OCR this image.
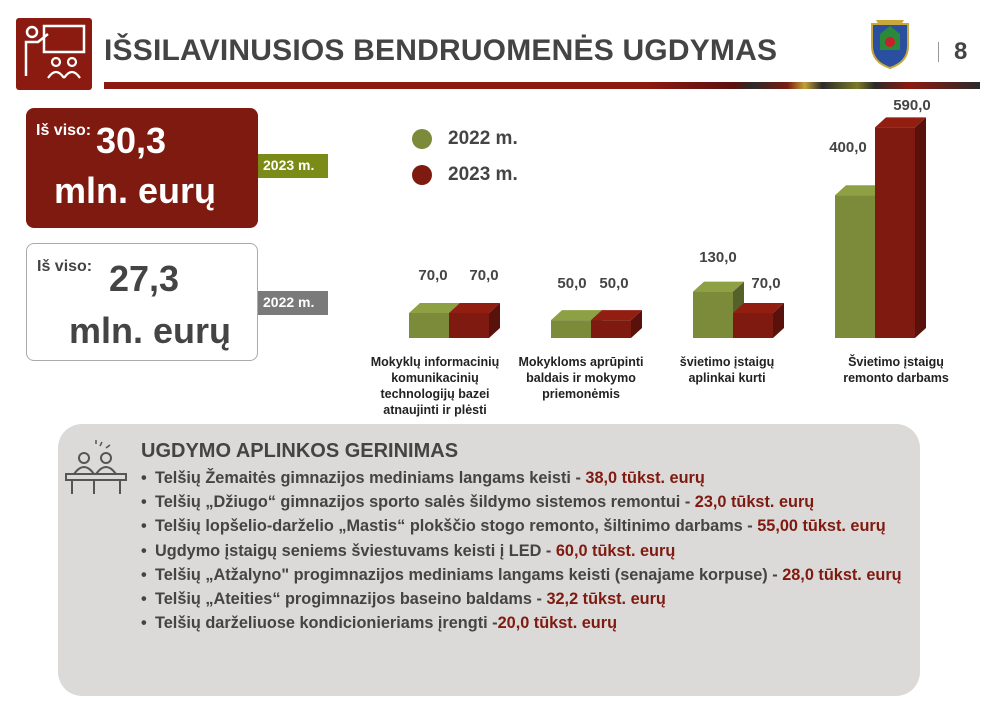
IŠSILAVINUSIOS BENDRUOMENĖS UGDYMAS	8
Iš viso: 30,3
mln. eurų
2023 m.
Iš viso: 27,3
mln. eurų
2022 m.
2022 m.
2023 m.
70,0	50,0
130,0
400,0
70,0	50,0	70,0
590,0
Mokyklų informacinių komunikacinių technologijų bazei atnaujinti ir plėsti
Mokykloms aprūpinti baldais ir mokymo priemonėmis
švietimo įstaigų aplinkai kurti
Švietimo įstaigų remonto darbams
UGDYMO APLINKOS GERINIMAS
• Telšių Žemaitės gimnazijos mediniams langams keisti - 38,0 tūkst. eurų
• Telšių „Džiugo“ gimnazijos sporto salės šildymo sistemos remontui - 23,0 tūkst. eurų
• Telšių lopšelio-darželio „Mastis“ plokščio stogo remonto, šiltinimo darbams - 55,00 tūkst. eurų
• Ugdymo įstaigų seniems šviestuvams keisti į LED - 60,0 tūkst. eurų
• Telšių „Atžalyno" progimnazijos mediniams langams keisti (senajame korpuse) - 28,0 tūkst. eurų
• Telšių „Ateities“ progimnazijos baseino baldams - 32,2 tūkst. eurų
• Telšių darželiuose kondicionieriams įrengti -20,0 tūkst. eurų
